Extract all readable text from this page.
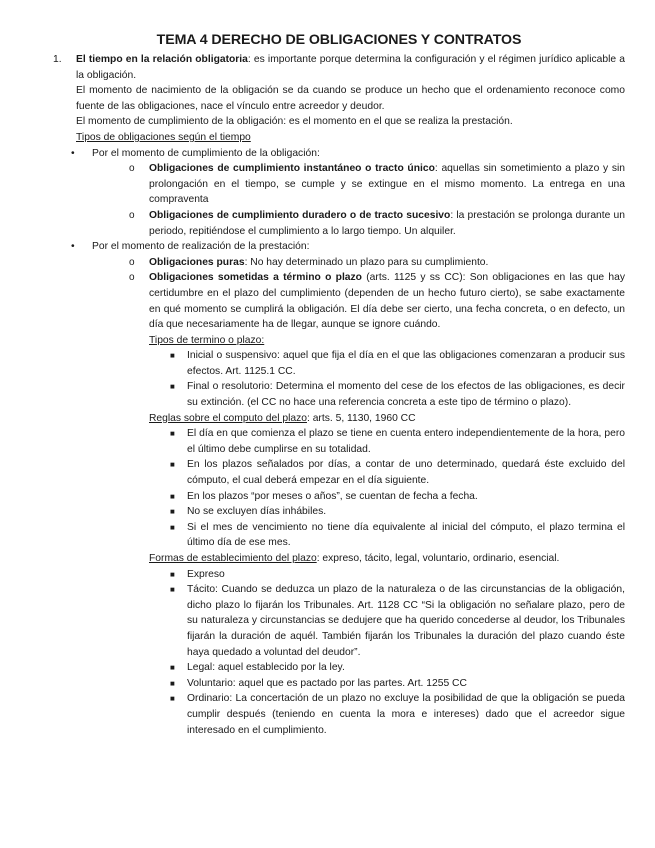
TEMA 4 DERECHO DE OBLIGACIONES Y CONTRATOS
1. El tiempo en la relación obligatoria: es importante porque determina la configuración y el régimen jurídico aplicable a la obligación.

El momento de nacimiento de la obligación se da cuando se produce un hecho que el ordenamiento reconoce como fuente de las obligaciones, nace el vínculo entre acreedor y deudor.

El momento de cumplimiento de la obligación: es el momento en el que se realiza la prestación.

Tipos de obligaciones según el tiempo

• Por el momento de cumplimiento de la obligación:

o Obligaciones de cumplimiento instantáneo o tracto único: aquellas sin sometimiento a plazo y sin prolongación en el tiempo, se cumple y se extingue en el mismo momento. La entrega en una compraventa
o Obligaciones de cumplimiento duradero o de tracto sucesivo: la prestación se prolonga durante un periodo, repitiéndose el cumplimiento a lo largo tiempo. Un alquiler.
• Por el momento de realización de la prestación:

o Obligaciones puras: No hay determinado un plazo para su cumplimiento.
o Obligaciones sometidas a término o plazo (arts. 1125 y ss CC): Son obligaciones en las que hay certidumbre en el plazo del cumplimiento (dependen de un hecho futuro cierto), se sabe exactamente en qué momento se cumplirá la obligación. El día debe ser cierto, una fecha concreta, o en defecto, un día que necesariamente ha de llegar, aunque se ignore cuándo.

Tipos de termino o plazo:

■ Inicial o suspensivo: aquel que fija el día en el que las obligaciones comenzaran a producir sus efectos. Art. 1125.1 CC.
■ Final o resolutorio: Determina el momento del cese de los efectos de las obligaciones, es decir su extinción. (el CC no hace una referencia concreta a este tipo de término o plazo).

Reglas sobre el computo del plazo: arts. 5, 1130, 1960 CC

■ El día en que comienza el plazo se tiene en cuenta entero independientemente de la hora, pero el último debe cumplirse en su totalidad.
■ En los plazos señalados por días, a contar de uno determinado, quedará éste excluido del cómputo, el cual deberá empezar en el día siguiente.
■ En los plazos “por meses o años”, se cuentan de fecha a fecha.
■ No se excluyen días inhábiles.
■ Si el mes de vencimiento no tiene día equivalente al inicial del cómputo, el plazo termina el último día de ese mes.

Formas de establecimiento del plazo: expreso, tácito, legal, voluntario, ordinario, esencial.

■ Expreso
■ Tácito: Cuando se deduzca un plazo de la naturaleza o de las circunstancias de la obligación, dicho plazo lo fijarán los Tribunales. Art. 1128 CC “Si la obligación no señalare plazo, pero de su naturaleza y circunstancias se dedujere que ha querido concederse al deudor, los Tribunales fijarán la duración de aquél. También fijarán los Tribunales la duración del plazo cuando éste haya quedado a voluntad del deudor”.
■ Legal: aquel establecido por la ley.
■ Voluntario: aquel que es pactado por las partes. Art. 1255 CC
■ Ordinario: La concertación de un plazo no excluye la posibilidad de que la obligación se pueda cumplir después (teniendo en cuenta la mora e intereses) dado que el acreedor sigue interesado en el cumplimiento.
